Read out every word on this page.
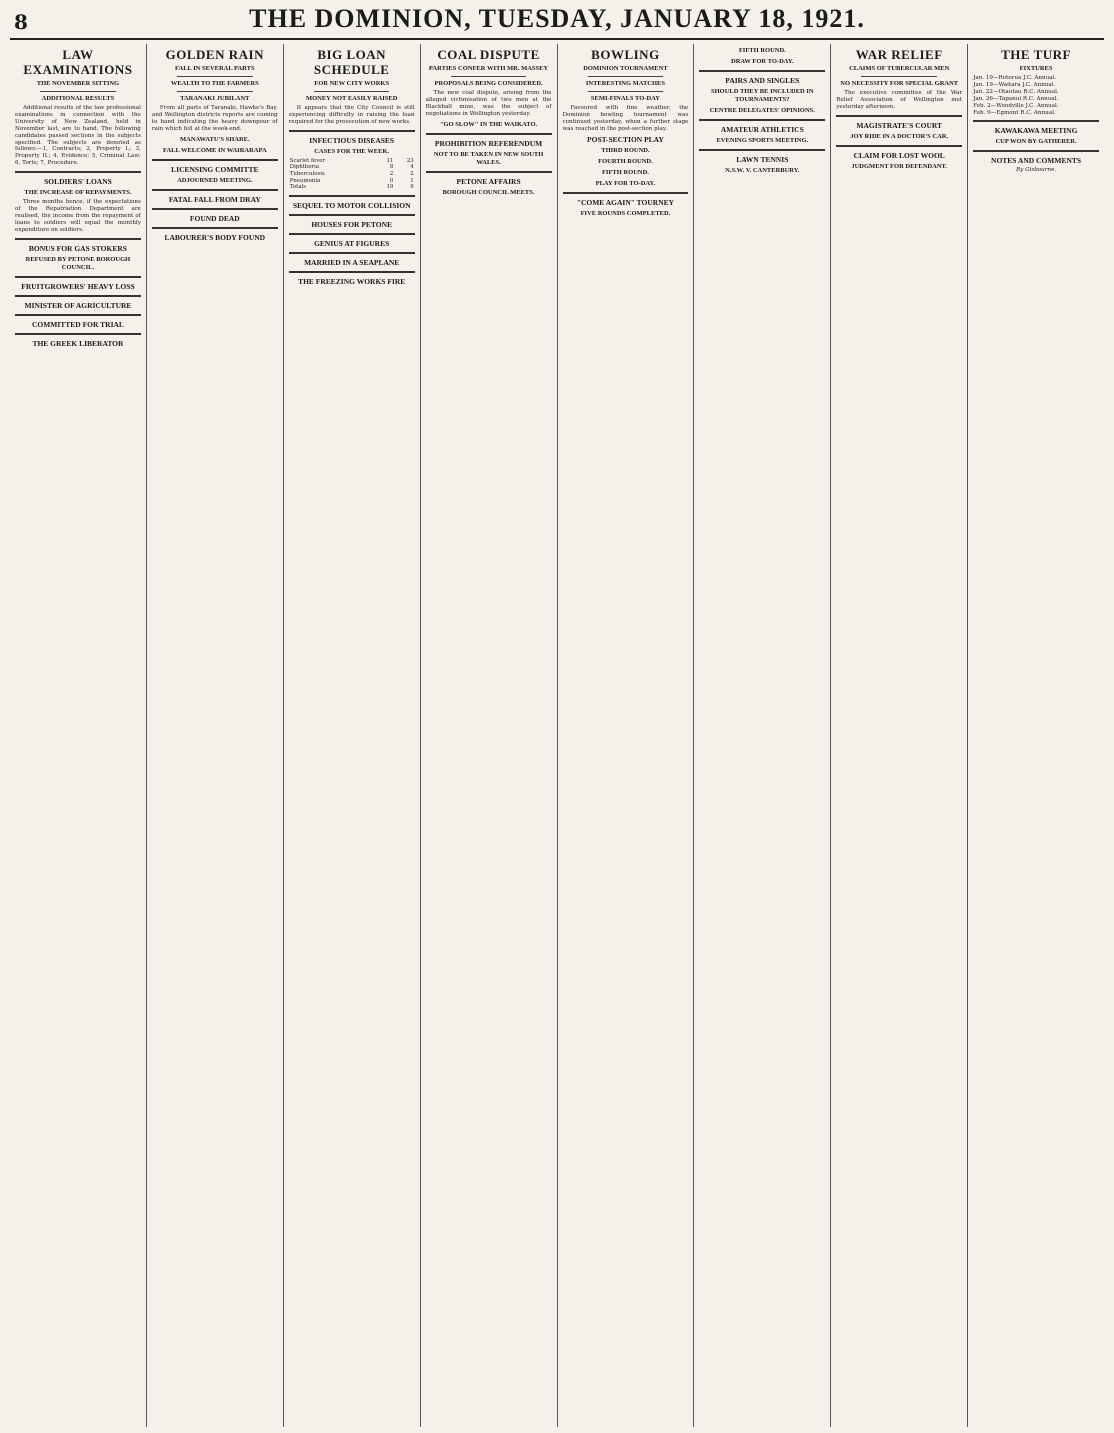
8	THE DOMINION, TUESDAY, JANUARY 18, 1921.
LAW EXAMINATIONS
THE NOVEMBER SITTING
ADDITIONAL RESULTS

Additional results of the law professional examinations in connection with the University of New Zealand, held in November last, are to hand. The following candidates passed sections in the subjects specified. The subjects are denoted as follows:—1, Contracts; 2, Property I.; 3, Property II.; 4, Evidence; 5, Criminal Law; 6, Torts; 7, Procedure.

SOLDIERS' LOANS
THE INCREASE OF REPAYMENTS.

Three months hence, if the expectations of the Repatriation Department are realised, the income from the repayment of loans to soldiers will equal the monthly expenditure on soldiers.

BONUS FOR GAS STOKERS
REFUSED BY PETONE BOROUGH COUNCIL.
FRUITGROWERS' HEAVY LOSS
MINISTER OF AGRICULTURE
COMMITTED FOR TRIAL
THE GREEK LIBERATOR
GOLDEN RAIN
FALL IN SEVERAL PARTS
WEALTH TO THE FARMERS
TARANAKI JUBILANT

From all parts of Taranaki, Hawke's Bay, and Wellington districts reports are coming to hand indicating the heavy downpour of rain which fell at the week-end.

MANAWATU'S SHARE.
FALL WELCOME IN WAIRARAPA
LICENSING COMMITTE
ADJOURNED MEETING.
FATAL FALL FROM DRAY
FOUND DEAD
LABOURER'S BODY FOUND
BIG LOAN SCHEDULE
FOR NEW CITY WORKS
MONEY NOT EASILY RAISED

It appears that the City Council is still experiencing difficulty in raising the loan required for the prosecution of new works.

INFECTIOUS DISEASES
CASES FOR THE WEEK.
Scarlet fever	11	23
Diphtheria	8	4
Tuberculosis	2	2
Pneumonia	0	1
Totals	19	9
SEQUEL TO MOTOR COLLISION
HOUSES FOR PETONE
GENIUS AT FIGURES
MARRIED IN A SEAPLANE
THE FREEZING WORKS FIRE
COAL DISPUTE
PARTIES CONFER WITH MR. MASSEY
PROPOSALS BEING CONSIDERED.

The new coal dispute, arising from the alleged victimisation of two men at the Blackball mine, was the subject of negotiations in Wellington yesterday.

"GO SLOW" IN THE WAIKATO.
PROHIBITION REFERENDUM
NOT TO BE TAKEN IN NEW SOUTH WALES.
PETONE AFFAIRS
BOROUGH COUNCIL MEETS.
BOWLING
DOMINION TOURNAMENT
INTERESTING MATCHES
SEMI-FINALS TO-DAY

Favoured with fine weather, the Dominion bowling tournament was continued yesterday, when a further stage was reached in the post-section play.

POST-SECTION PLAY
THIRD ROUND.
FOURTH ROUND.
FIFTH ROUND.
PLAY FOR TO-DAY.
"COME AGAIN" TOURNEY
FIVE ROUNDS COMPLETED.
FIFTH ROUND.
DRAW FOR TO-DAY.
PAIRS AND SINGLES
SHOULD THEY BE INCLUDED IN TOURNAMENTS?
CENTRE DELEGATES' OPINIONS.
AMATEUR ATHLETICS
EVENING SPORTS MEETING.
LAWN TENNIS
N.S.W. V. CANTERBURY.
WAR RELIEF
CLAIMS OF TUBERCULAR MEN
NO NECESSITY FOR SPECIAL GRANT

The executive committee of the War Relief Association of Wellington met yesterday afternoon.

MAGISTRATE'S COURT
JOY RIDE IN A DOCTOR'S CAR.
CLAIM FOR LOST WOOL
JUDGMENT FOR DEFENDANT.
THE TURF
FIXTURES
Jan. 19—Rotorua J.C. Annual.
Jan. 19—Waitara J.C. Annual.
Jan. 22—Otautau R.C. Annual.
Jan. 26—Tapanui R.C. Annual.
Feb. 2—Woodville J.C. Annual.
Feb. 9—Egmont R.C. Annual.
KAWAKAWA MEETING
CUP WON BY GATHERER.
NOTES AND COMMENTS
By Gisbourne.
